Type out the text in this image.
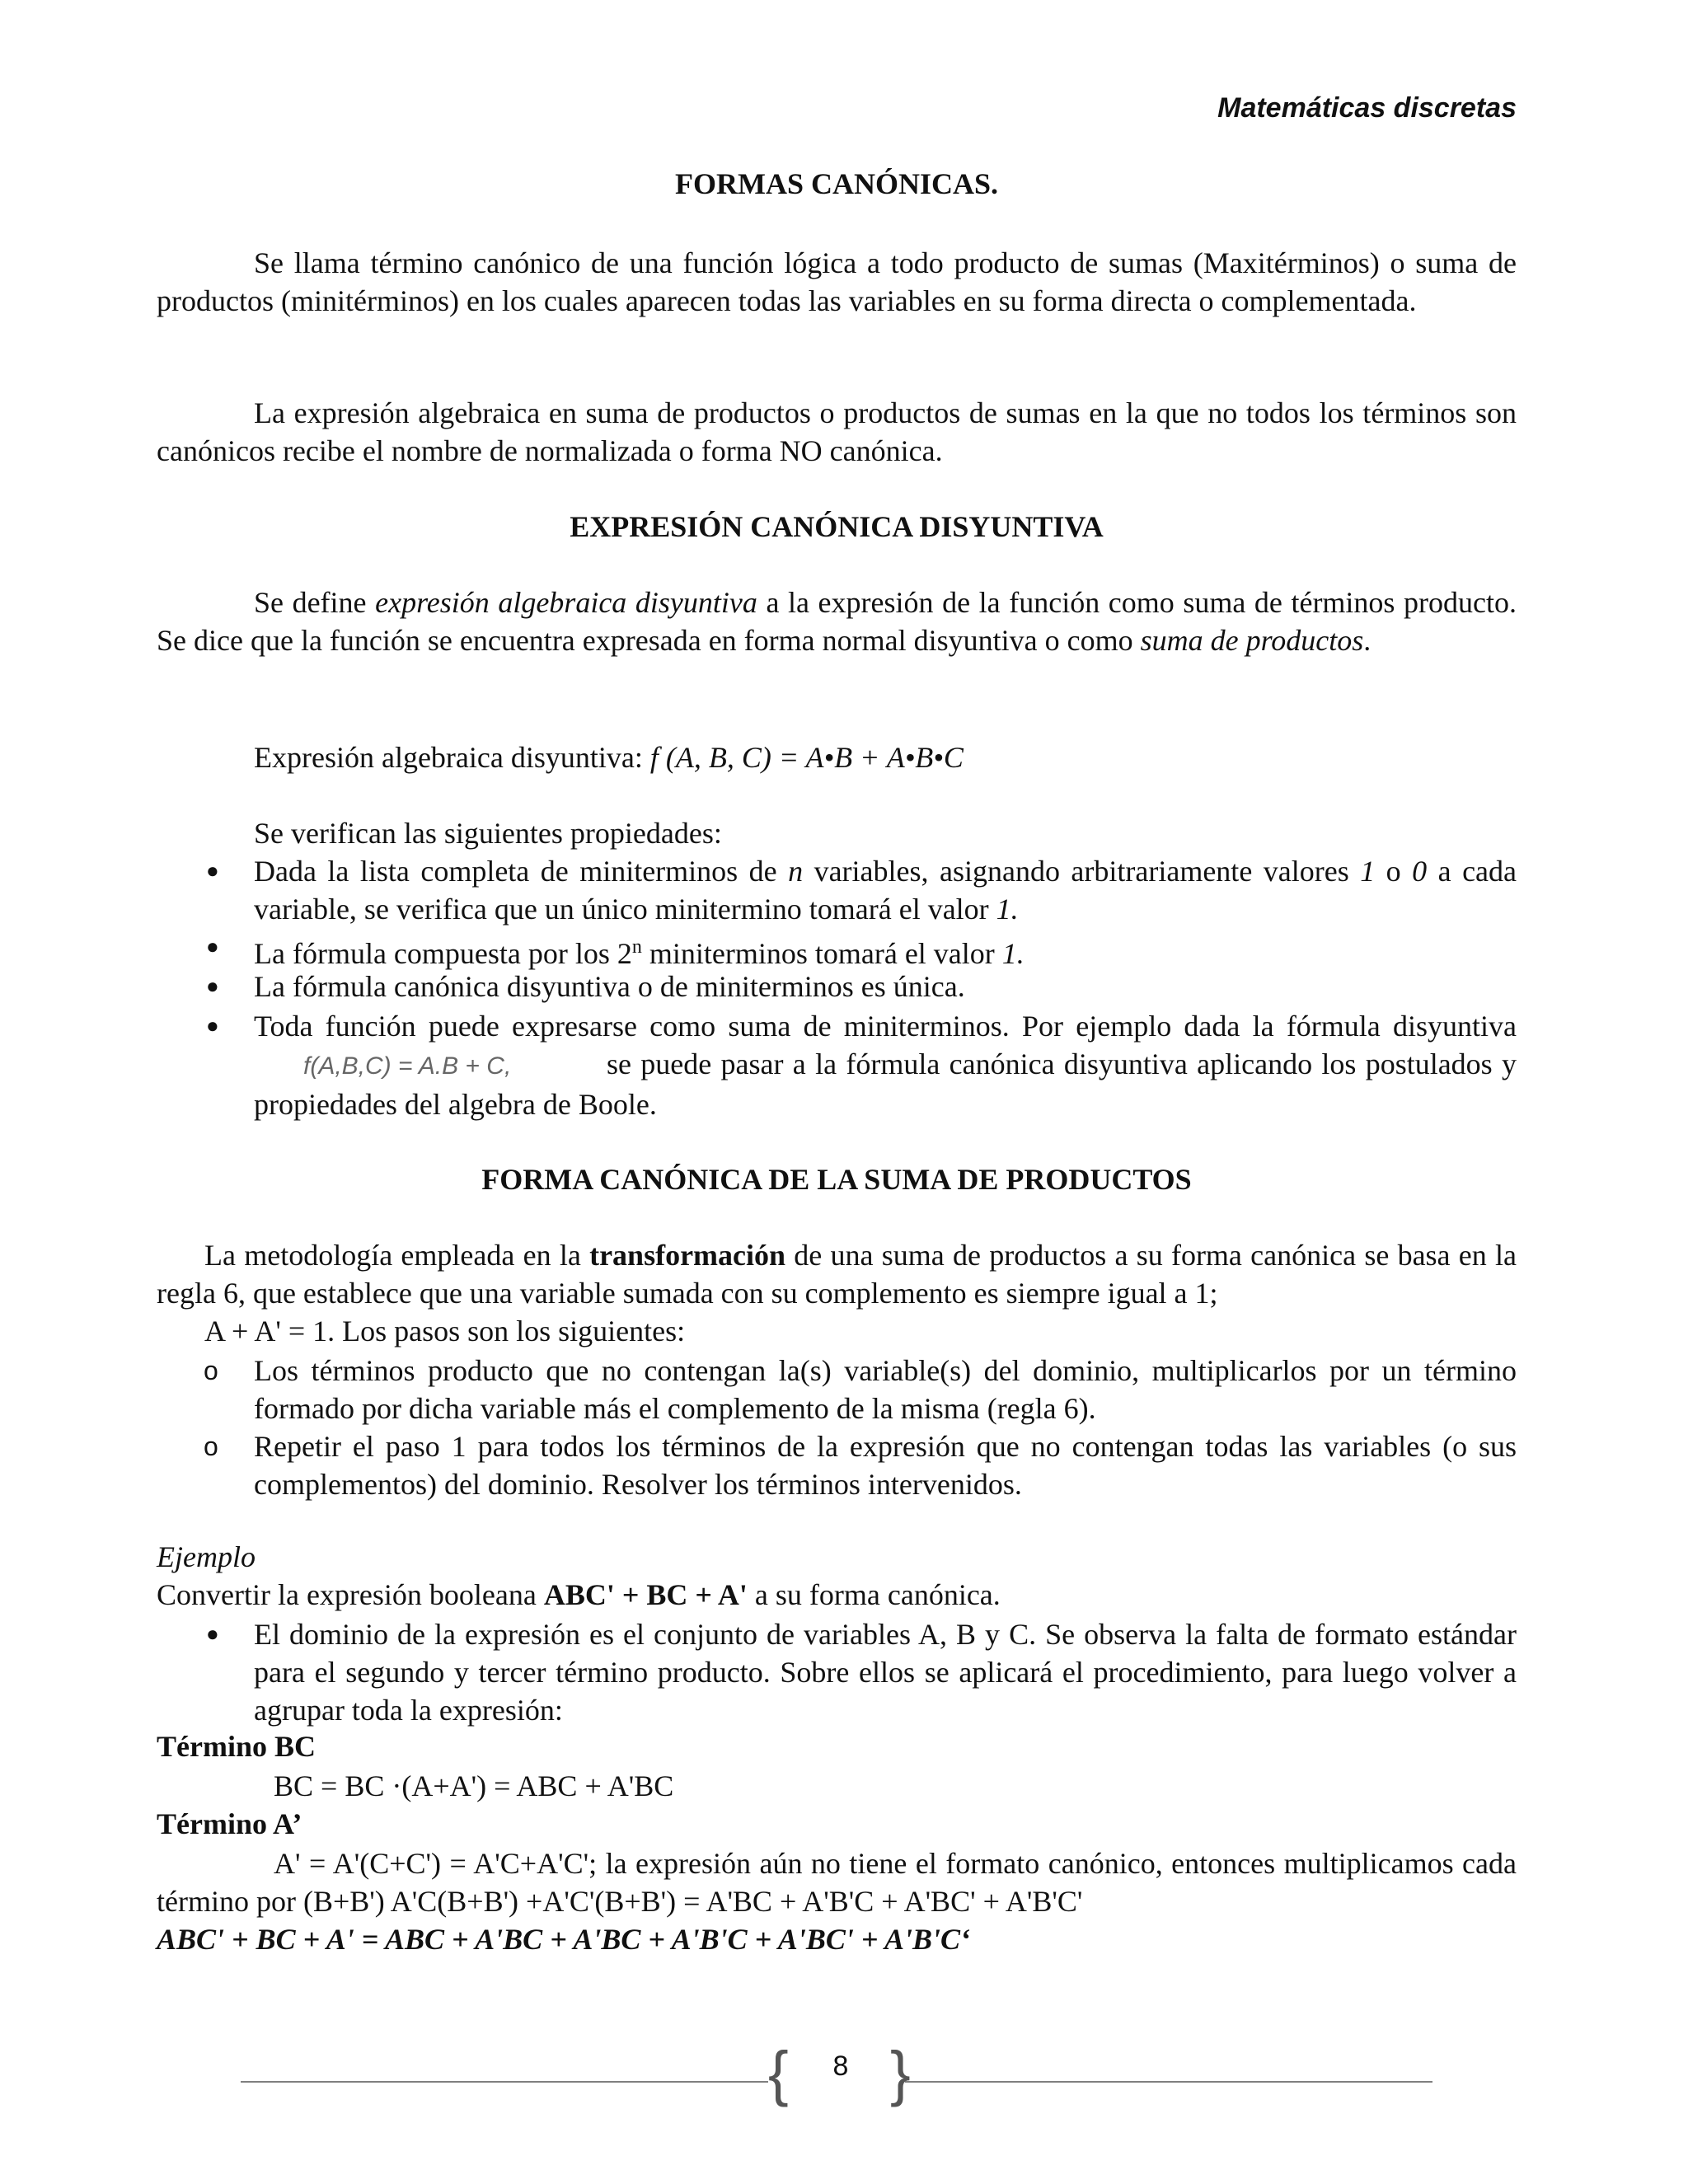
Matemáticas discretas
FORMAS CANÓNICAS.
Se llama término canónico de una función lógica a todo producto de sumas (Maxitérminos) o suma de productos (minitérminos) en los cuales aparecen todas las variables en su forma directa o complementada.
La expresión algebraica en suma de productos o productos de sumas en la que no todos los términos son canónicos recibe el nombre de normalizada o forma NO canónica.
EXPRESIÓN CANÓNICA DISYUNTIVA
Se define expresión algebraica disyuntiva a la expresión de la función como suma de términos producto. Se dice que la función se encuentra expresada en forma normal disyuntiva o como suma de productos.
Expresión algebraica disyuntiva: f (A, B, C) = A•B + A•B•C
Se verifican las siguientes propiedades:
● Dada la lista completa de miniterminos de n variables, asignando arbitrariamente valores 1 o 0 a cada variable, se verifica que un único minitermino tomará el valor 1.
● La fórmula compuesta por los 2$^n$ miniterminos tomará el valor 1.
● La fórmula canónica disyuntiva o de miniterminos es única.
● Toda función puede expresarse como suma de miniterminos. Por ejemplo dada la fórmula disyuntivaf(A,B,C) = A.B + C,	se puede pasar a la fórmula canónica disyuntiva aplicando los postulados y propiedades del algebra de Boole.
FORMA CANÓNICA DE LA SUMA DE PRODUCTOS
La metodología empleada en la transformación de una suma de productos a su forma canónica se basa en la regla 6, que establece que una variable sumada con su complemento es siempre igual a 1;
A + A' = 1. Los pasos son los siguientes:
o Los términos producto que no contengan la(s) variable(s) del dominio, multiplicarlos por un término formado por dicha variable más el complemento de la misma (regla 6).
o Repetir el paso 1 para todos los términos de la expresión que no contengan todas las variables (o sus complementos) del dominio. Resolver los términos intervenidos.
Ejemplo
Convertir la expresión booleana ABC' + BC + A' a su forma canónica.
● El dominio de la expresión es el conjunto de variables A, B y C. Se observa la falta de formato estándar para el segundo y tercer término producto. Sobre ellos se aplicará el procedimiento, para luego volver a agrupar toda la expresión:
Término BC
BC = BC ·(A+A') = ABC + A'BC
Término A’
A' = A'(C+C') = A'C+A'C'; la expresión aún no tiene el formato canónico, entonces multiplicamos cada término por (B+B') A'C(B+B') +A'C'(B+B') = A'BC + A'B'C + A'BC' + A'B'C'
ABC' + BC + A' = ABC + A'BC + A'BC + A'B'C + A'BC' + A'B'C‘
{ }
8
